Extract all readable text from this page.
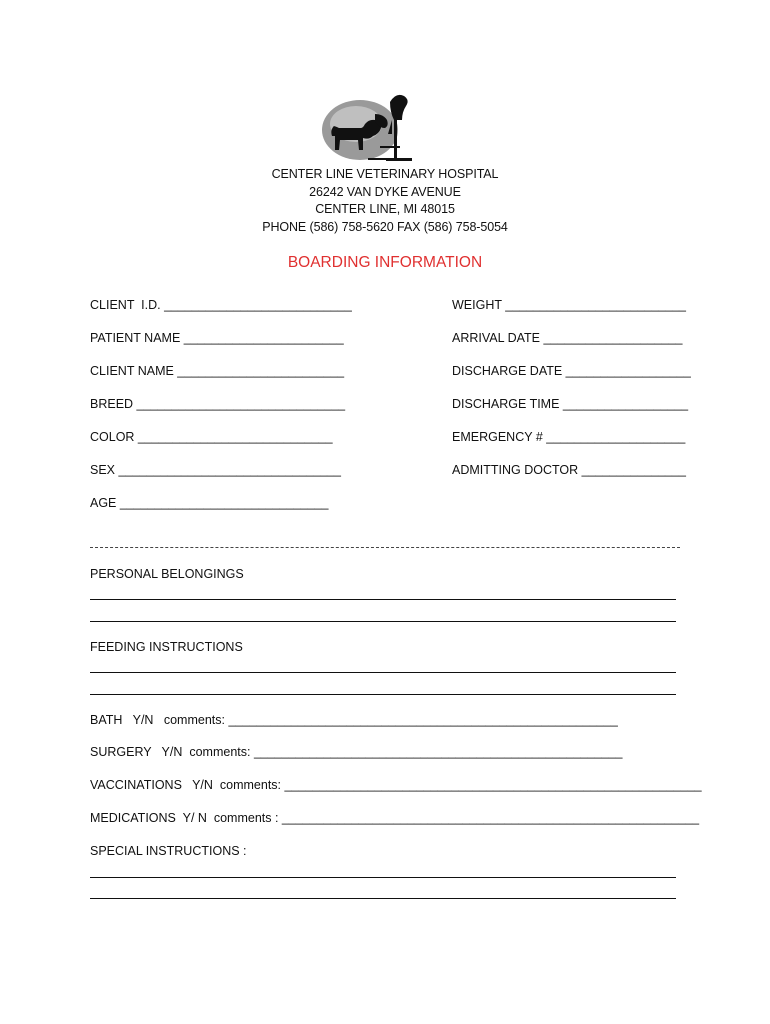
CENTER LINE VETERINARY HOSPITAL
26242 VAN DYKE AVENUE
CENTER LINE, MI 48015
PHONE (586) 758-5620 FAX (586) 758-5054
BOARDING INFORMATION
CLIENT  I.D. ___________________________
PATIENT NAME _______________________
CLIENT NAME ________________________
BREED ______________________________
COLOR ____________________________
SEX ________________________________
AGE ______________________________
WEIGHT __________________________
ARRIVAL DATE ____________________
DISCHARGE DATE __________________
DISCHARGE TIME __________________
EMERGENCY # ____________________
ADMITTING DOCTOR _______________
PERSONAL BELONGINGS
FEEDING INSTRUCTIONS
BATH   Y/N   comments: ________________________________________________________
SURGERY   Y/N  comments: _____________________________________________________
VACCINATIONS   Y/N  comments: ____________________________________________________________
MEDICATIONS  Y/ N  comments : ____________________________________________________________
SPECIAL INSTRUCTIONS :
